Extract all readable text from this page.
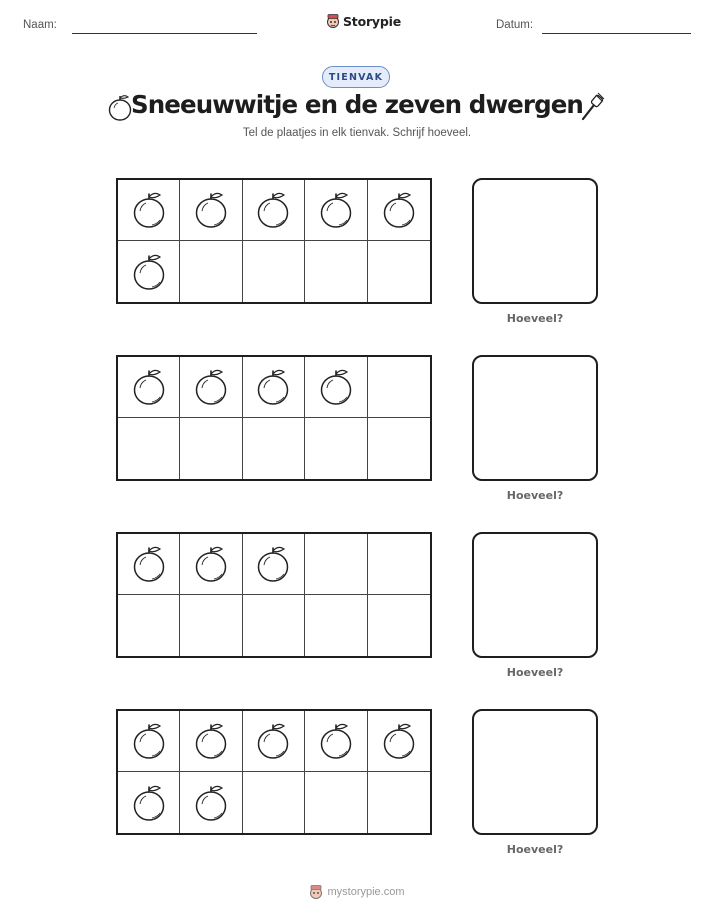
Naam:	Storypie	Datum:
TIENVAK
Sneeuwwitje en de zeven dwergen
Tel de plaatjes in elk tienvak. Schrijf hoeveel.
Hoeveel?
Hoeveel?
Hoeveel?
Hoeveel?
mystorypie.com
